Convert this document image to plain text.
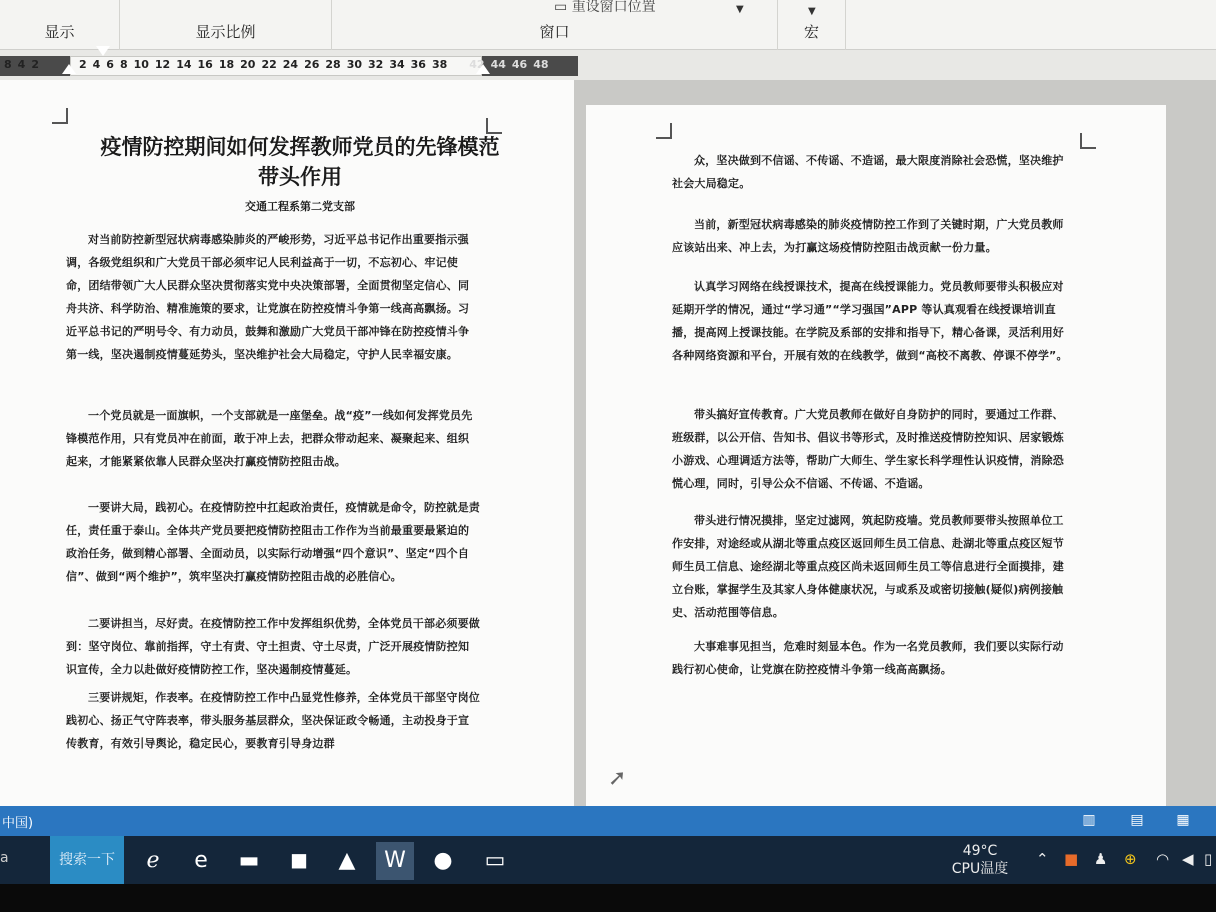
显示	显示比例
▭ 重设窗口位置	▼
窗口
▼
宏
8 4 2	2 4 6 8 10 12 14 16 18 20 22 24 26 28 30 32 34 36 38 42 44 46 48
疫情防控期间如何发挥教师党员的先锋模范带头作用
交通工程系第二党支部
对当前防控新型冠状病毒感染肺炎的严峻形势，习近平总书记作出重要指示强调，各级党组织和广大党员干部必须牢记人民利益高于一切，不忘初心、牢记使命，团结带领广大人民群众坚决贯彻落实党中央决策部署，全面贯彻坚定信心、同舟共济、科学防治、精准施策的要求，让党旗在防控疫情斗争第一线高高飘扬。习近平总书记的严明号令、有力动员，鼓舞和激励广大党员干部冲锋在防控疫情斗争第一线，坚决遏制疫情蔓延势头，坚决维护社会大局稳定，守护人民幸福安康。
一个党员就是一面旗帜，一个支部就是一座堡垒。战“疫”一线如何发挥党员先锋模范作用，只有党员冲在前面，敢于冲上去，把群众带动起来、凝聚起来、组织起来，才能紧紧依靠人民群众坚决打赢疫情防控阻击战。
一要讲大局，践初心。在疫情防控中扛起政治责任，疫情就是命令，防控就是责任，责任重于泰山。全体共产党员要把疫情防控阻击工作作为当前最重要最紧迫的政治任务，做到精心部署、全面动员，以实际行动增强“四个意识”、坚定“四个自信”、做到“两个维护”，筑牢坚决打赢疫情防控阻击战的必胜信心。
二要讲担当，尽好责。在疫情防控工作中发挥组织优势，全体党员干部必须要做到：坚守岗位、靠前指挥，守土有责、守土担责、守土尽责，广泛开展疫情防控知识宣传，全力以赴做好疫情防控工作，坚决遏制疫情蔓延。
三要讲规矩，作表率。在疫情防控工作中凸显党性修养，全体党员干部坚守岗位践初心、扬正气守阵表率，带头服务基层群众，坚决保证政令畅通，主动投身于宣传教育，有效引导舆论，稳定民心，要教育引导身边群
众，坚决做到不信谣、不传谣、不造谣，最大限度消除社会恐慌，坚决维护社会大局稳定。
当前，新型冠状病毒感染的肺炎疫情防控工作到了关键时期，广大党员教师应该站出来、冲上去，为打赢这场疫情防控阻击战贡献一份力量。
认真学习网络在线授课技术，提高在线授课能力。党员教师要带头积极应对延期开学的情况，通过“学习通”“学习强国”APP 等认真观看在线授课培训直播，提高网上授课技能。在学院及系部的安排和指导下，精心备课，灵活利用好各种网络资源和平台，开展有效的在线教学，做到“高校不离教、停课不停学”。
带头搞好宣传教育。广大党员教师在做好自身防护的同时，要通过工作群、班级群，以公开信、告知书、倡议书等形式，及时推送疫情防控知识、居家锻炼小游戏、心理调适方法等，帮助广大师生、学生家长科学理性认识疫情，消除恐慌心理，同时，引导公众不信谣、不传谣、不造谣。
带头进行情况摸排，坚定过滤网，筑起防疫墙。党员教师要带头按照单位工作安排，对途经或从湖北等重点疫区返回师生员工信息、赴湖北等重点疫区短节师生员工信息、途经湖北等重点疫区尚未返回师生员工等信息进行全面摸排，建立台账，掌握学生及其家人身体健康状况，与或系及或密切接触(疑似)病例接触史、活动范围等信息。
大事难事见担当，危难时刻显本色。作为一名党员教师，我们要以实际行动践行初心使命，让党旗在防控疫情斗争第一线高高飘扬。
➚
中国)	▥	▤	▦
a	搜索一下	ℯ	e	▬	◼	▲	W	●	▭	49°C
CPU温度
⌃ ■ ♟ ⊕ ◠ ◀ ▯
